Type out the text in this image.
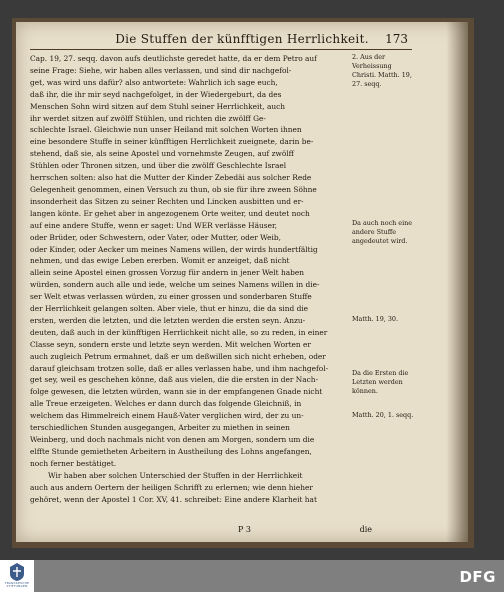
Die Stuffen der künfftigen Herrlichkeit.	173
Cap. 19, 27. seqq. davon aufs deutlichste geredet hatte, da er dem Petro auf
seine Frage: Siehe, wir haben alles verlassen, und sind dir nachgefol-
get, was wird uns dafür? also antwortete: Wahrlich ich sage euch,
daß ihr, die ihr mir seyd nachgefolget, in der Wiedergeburt, da des
Menschen Sohn wird sitzen auf dem Stuhl seiner Herrlichkeit, auch
ihr werdet sitzen auf zwölff Stühlen, und richten die zwölff Ge-
schlechte Israel. Gleichwie nun unser Heiland mit solchen Worten ihnen
eine besondere Stuffe in seiner künfftigen Herrlichkeit zueignete, darin be-
stehend, daß sie, als seine Apostel und vornehmste Zeugen, auf zwölff
Stühlen oder Thronen sitzen, und über die zwölff Geschlechte Israel
herrschen solten: also hat die Mutter der Kinder Zebedäi aus solcher Rede
Gelegenheit genommen, einen Versuch zu thun, ob sie für ihre zween Söhne
insonderheit das Sitzen zu seiner Rechten und Lincken ausbitten und er-
langen könte. Er gehet aber in angezogenem Orte weiter, und deutet noch
auf eine andere Stuffe, wenn er saget: Und WER verlässe Häuser,
oder Brüder, oder Schwestern, oder Vater, oder Mutter, oder Weib,
oder Kinder, oder Aecker um meines Namens willen, der wirds hundertfältig
nehmen, und das ewige Leben ererben. Womit er anzeiget, daß nicht
allein seine Apostel einen grossen Vorzug für andern in jener Welt haben
würden, sondern auch alle und iede, welche um seines Namens willen in die-
ser Welt etwas verlassen würden, zu einer grossen und sonderbaren Stuffe
der Herrlichkeit gelangen solten. Aber viele, thut er hinzu, die da sind die
ersten, werden die letzten, und die letzten werden die ersten seyn. Anzu-
deuten, daß auch in der künfftigen Herrlichkeit nicht alle, so zu reden, in einer
Classe seyn, sondern erste und letzte seyn werden. Mit welchen Worten er
auch zugleich Petrum ermahnet, daß er um deßwillen sich nicht erheben, oder
darauf gleichsam trotzen solle, daß er alles verlassen habe, und ihm nachgefol-
get sey, weil es geschehen könne, daß aus vielen, die die ersten in der Nach-
folge gewesen, die letzten würden, wann sie in der empfangenen Gnade nicht
alle Treue erzeigeten. Welches er dann durch das folgende Gleichniß, in
welchem das Himmelreich einem Hauß-Vater verglichen wird, der zu un-
terschiedlichen Stunden ausgegangen, Arbeiter zu miethen in seinen
Weinberg, und doch nachmals nicht von denen am Morgen, sondern um die
elffte Stunde gemietheten Arbeitern in Austheilung des Lohns angefangen,
noch ferner bestätiget.
Wir haben aber solchen Unterschied der Stuffen in der Herrlichkeit
auch aus andern Oertern der heiligen Schrifft zu erlernen; wie denn hieher
gehöret, wenn der Apostel 1 Cor. XV, 41. schreibet: Eine andere Klarheit hat
2. Aus der Verheissung Christi. Matth. 19, 27. seqq.
Da auch noch eine andere Stuffe angedeutet wird.
Matth. 19, 30.
Da die Ersten die Letzten werden können.
Matth. 20, 1. seqq.
P 3	die
FRANCKESCHE
STIFTUNGEN
DFG
